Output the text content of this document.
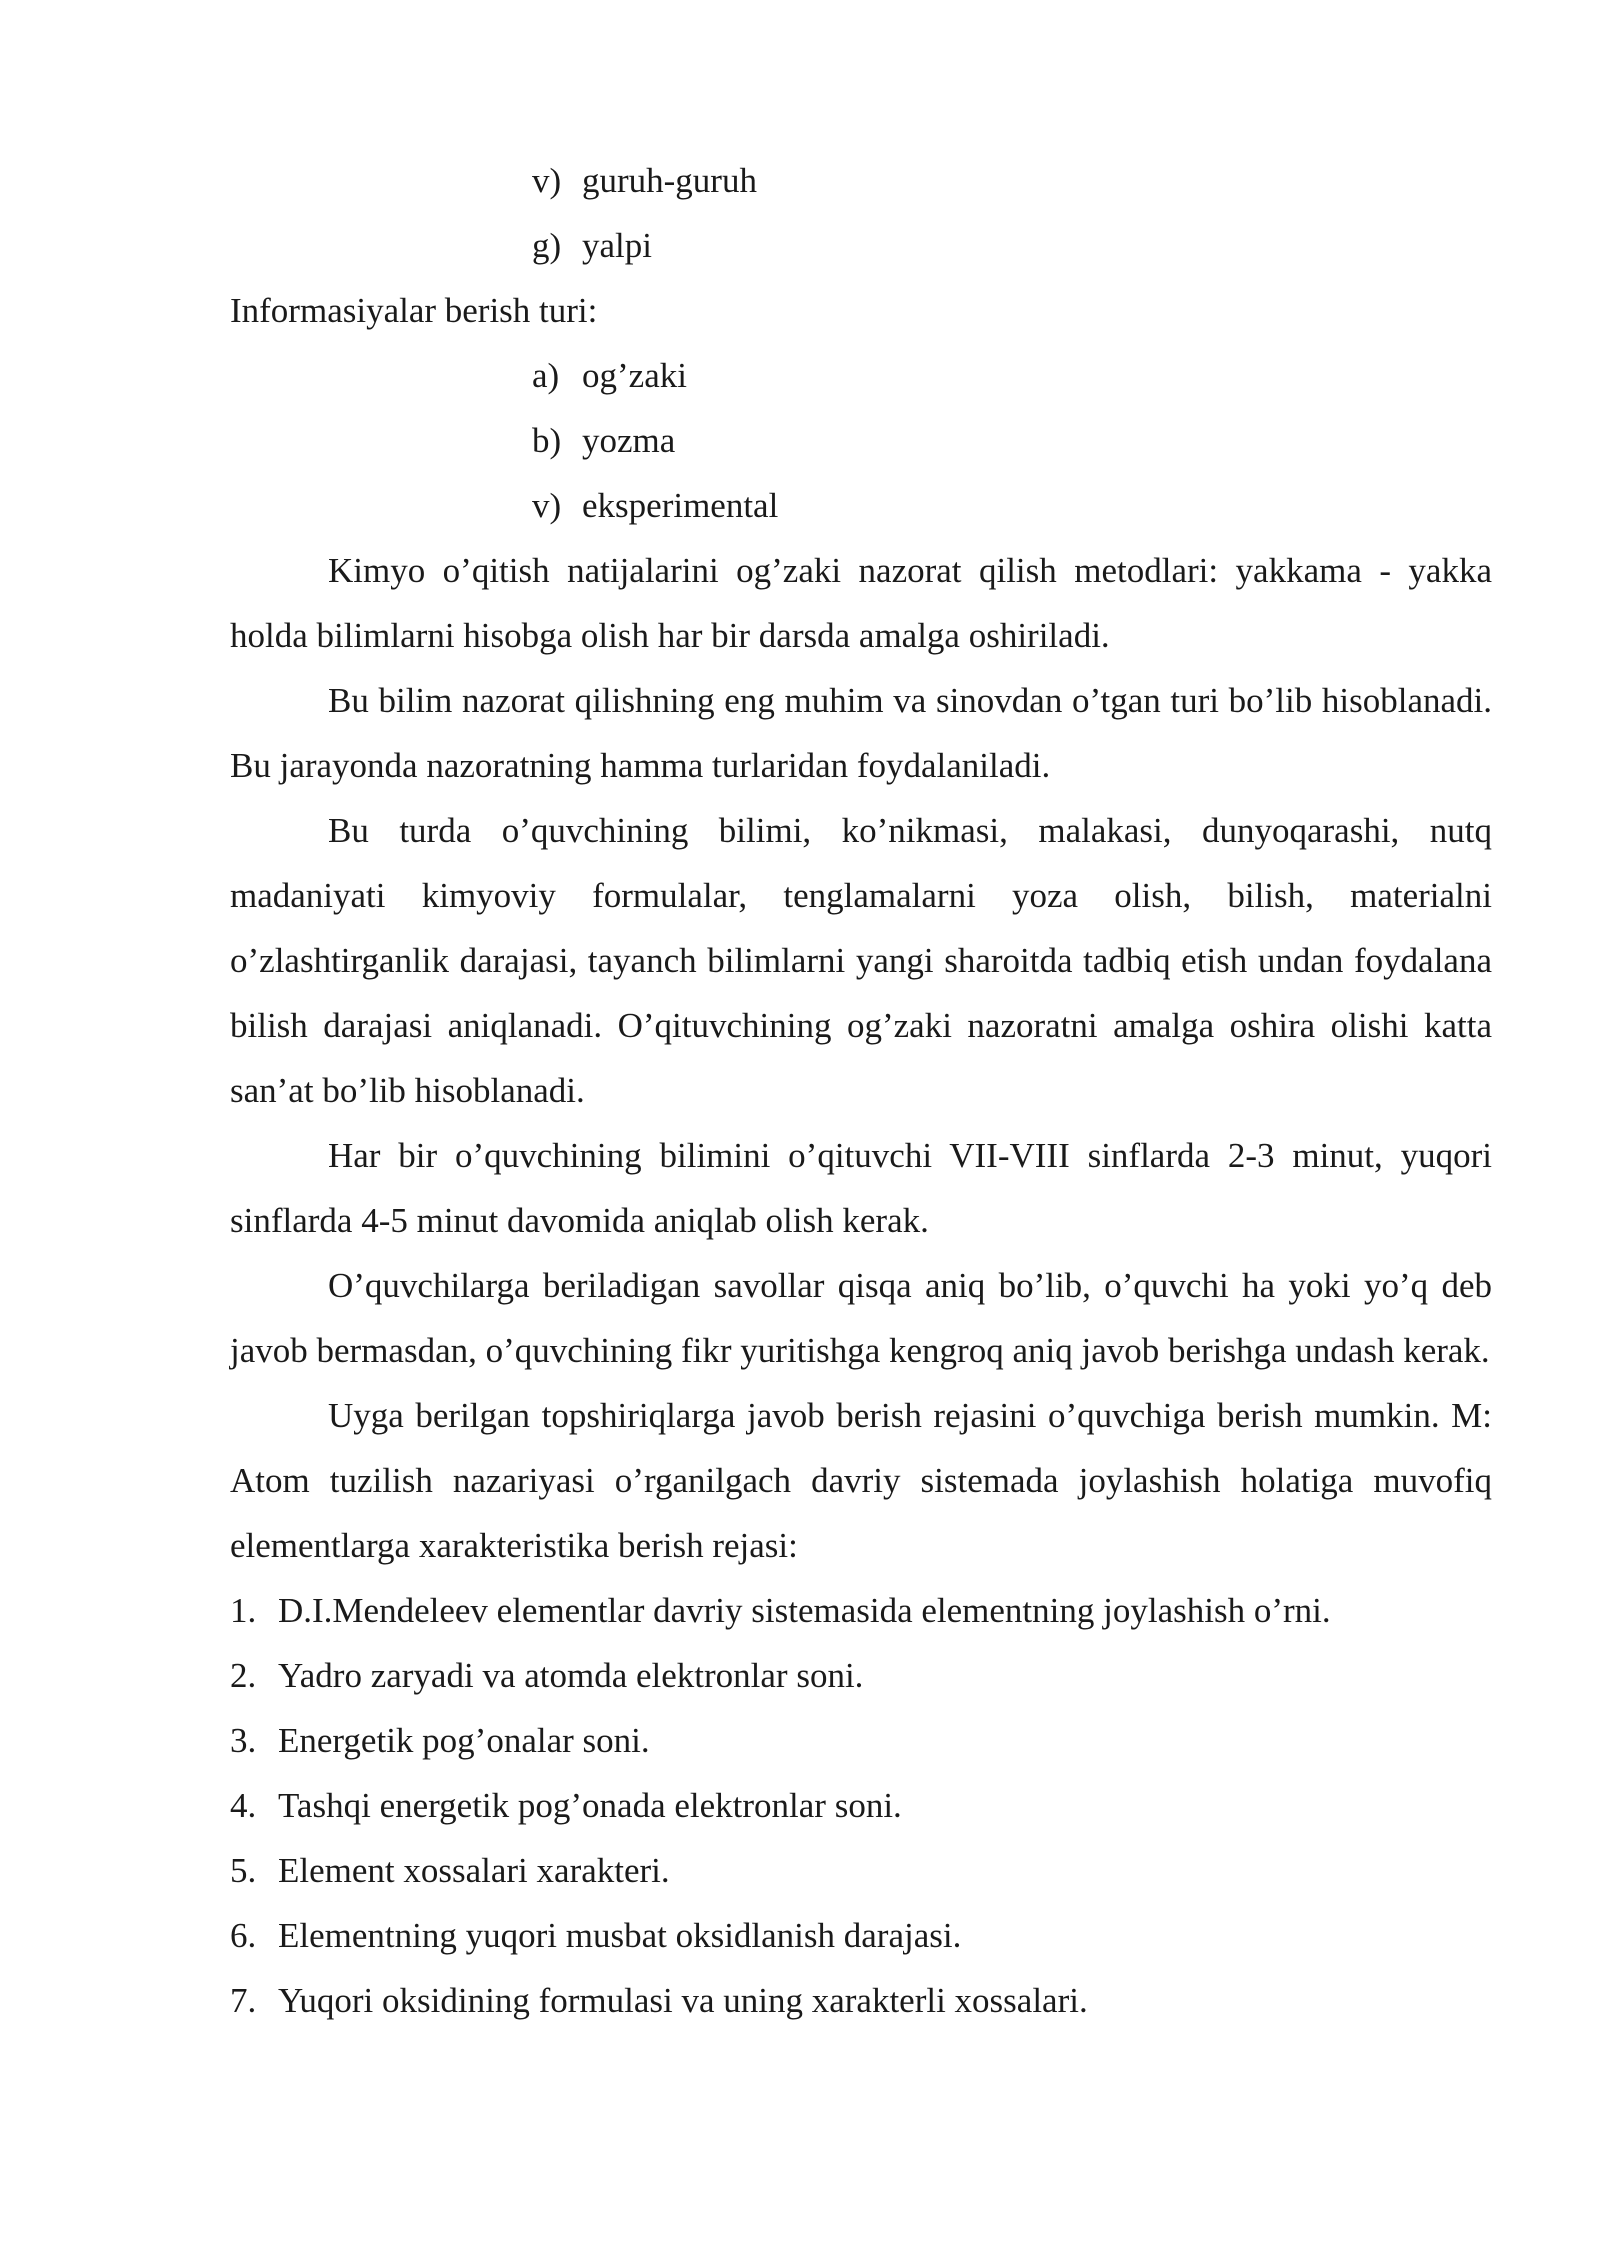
v) guruh-guruh
g) yalpi
Informasiyalar berish turi:
a) og’zaki
b) yozma
v) eksperimental

Kimyo o’qitish natijalarini og’zaki nazorat qilish metodlari: yakkama - yakka holda bilimlarni hisobga olish har bir darsda amalga oshiriladi.

Bu bilim nazorat qilishning eng muhim va sinovdan o’tgan turi bo’lib hisoblanadi. Bu jarayonda nazoratning hamma turlaridan foydalaniladi.

Bu turda o’quvchining bilimi, ko’nikmasi, malakasi, dunyoqarashi, nutq madaniyati kimyoviy formulalar, tenglamalarni yoza olish, bilish, materialni o’zlashtirganlik darajasi, tayanch bilimlarni yangi sharoitda tadbiq etish undan foydalana bilish darajasi aniqlanadi. O’qituvchining og’zaki nazoratni amalga oshira olishi katta san’at bo’lib hisoblanadi.

Har bir o’quvchining bilimini o’qituvchi VII-VIII sinflarda 2-3 minut, yuqori sinflarda 4-5 minut davomida aniqlab olish kerak.

O’quvchilarga beriladigan savollar qisqa aniq bo’lib, o’quvchi ha yoki yo’q deb javob bermasdan, o’quvchining fikr yuritishga kengroq aniq javob berishga undash kerak.

Uyga berilgan topshiriqlarga javob berish rejasini o’quvchiga berish mumkin. M: Atom tuzilish nazariyasi o’rganilgach davriy sistemada joylashish holatiga muvofiq elementlarga xarakteristika berish rejasi:

1. D.I.Mendeleev elementlar davriy sistemasida elementning joylashish o’rni.
2. Yadro zaryadi va atomda elektronlar soni.
3. Energetik pog’onalar soni.
4. Tashqi energetik pog’onada elektronlar soni.
5. Element xossalari xarakteri.
6. Elementning yuqori musbat oksidlanish darajasi.
7. Yuqori oksidining formulasi va uning xarakterli xossalari.
